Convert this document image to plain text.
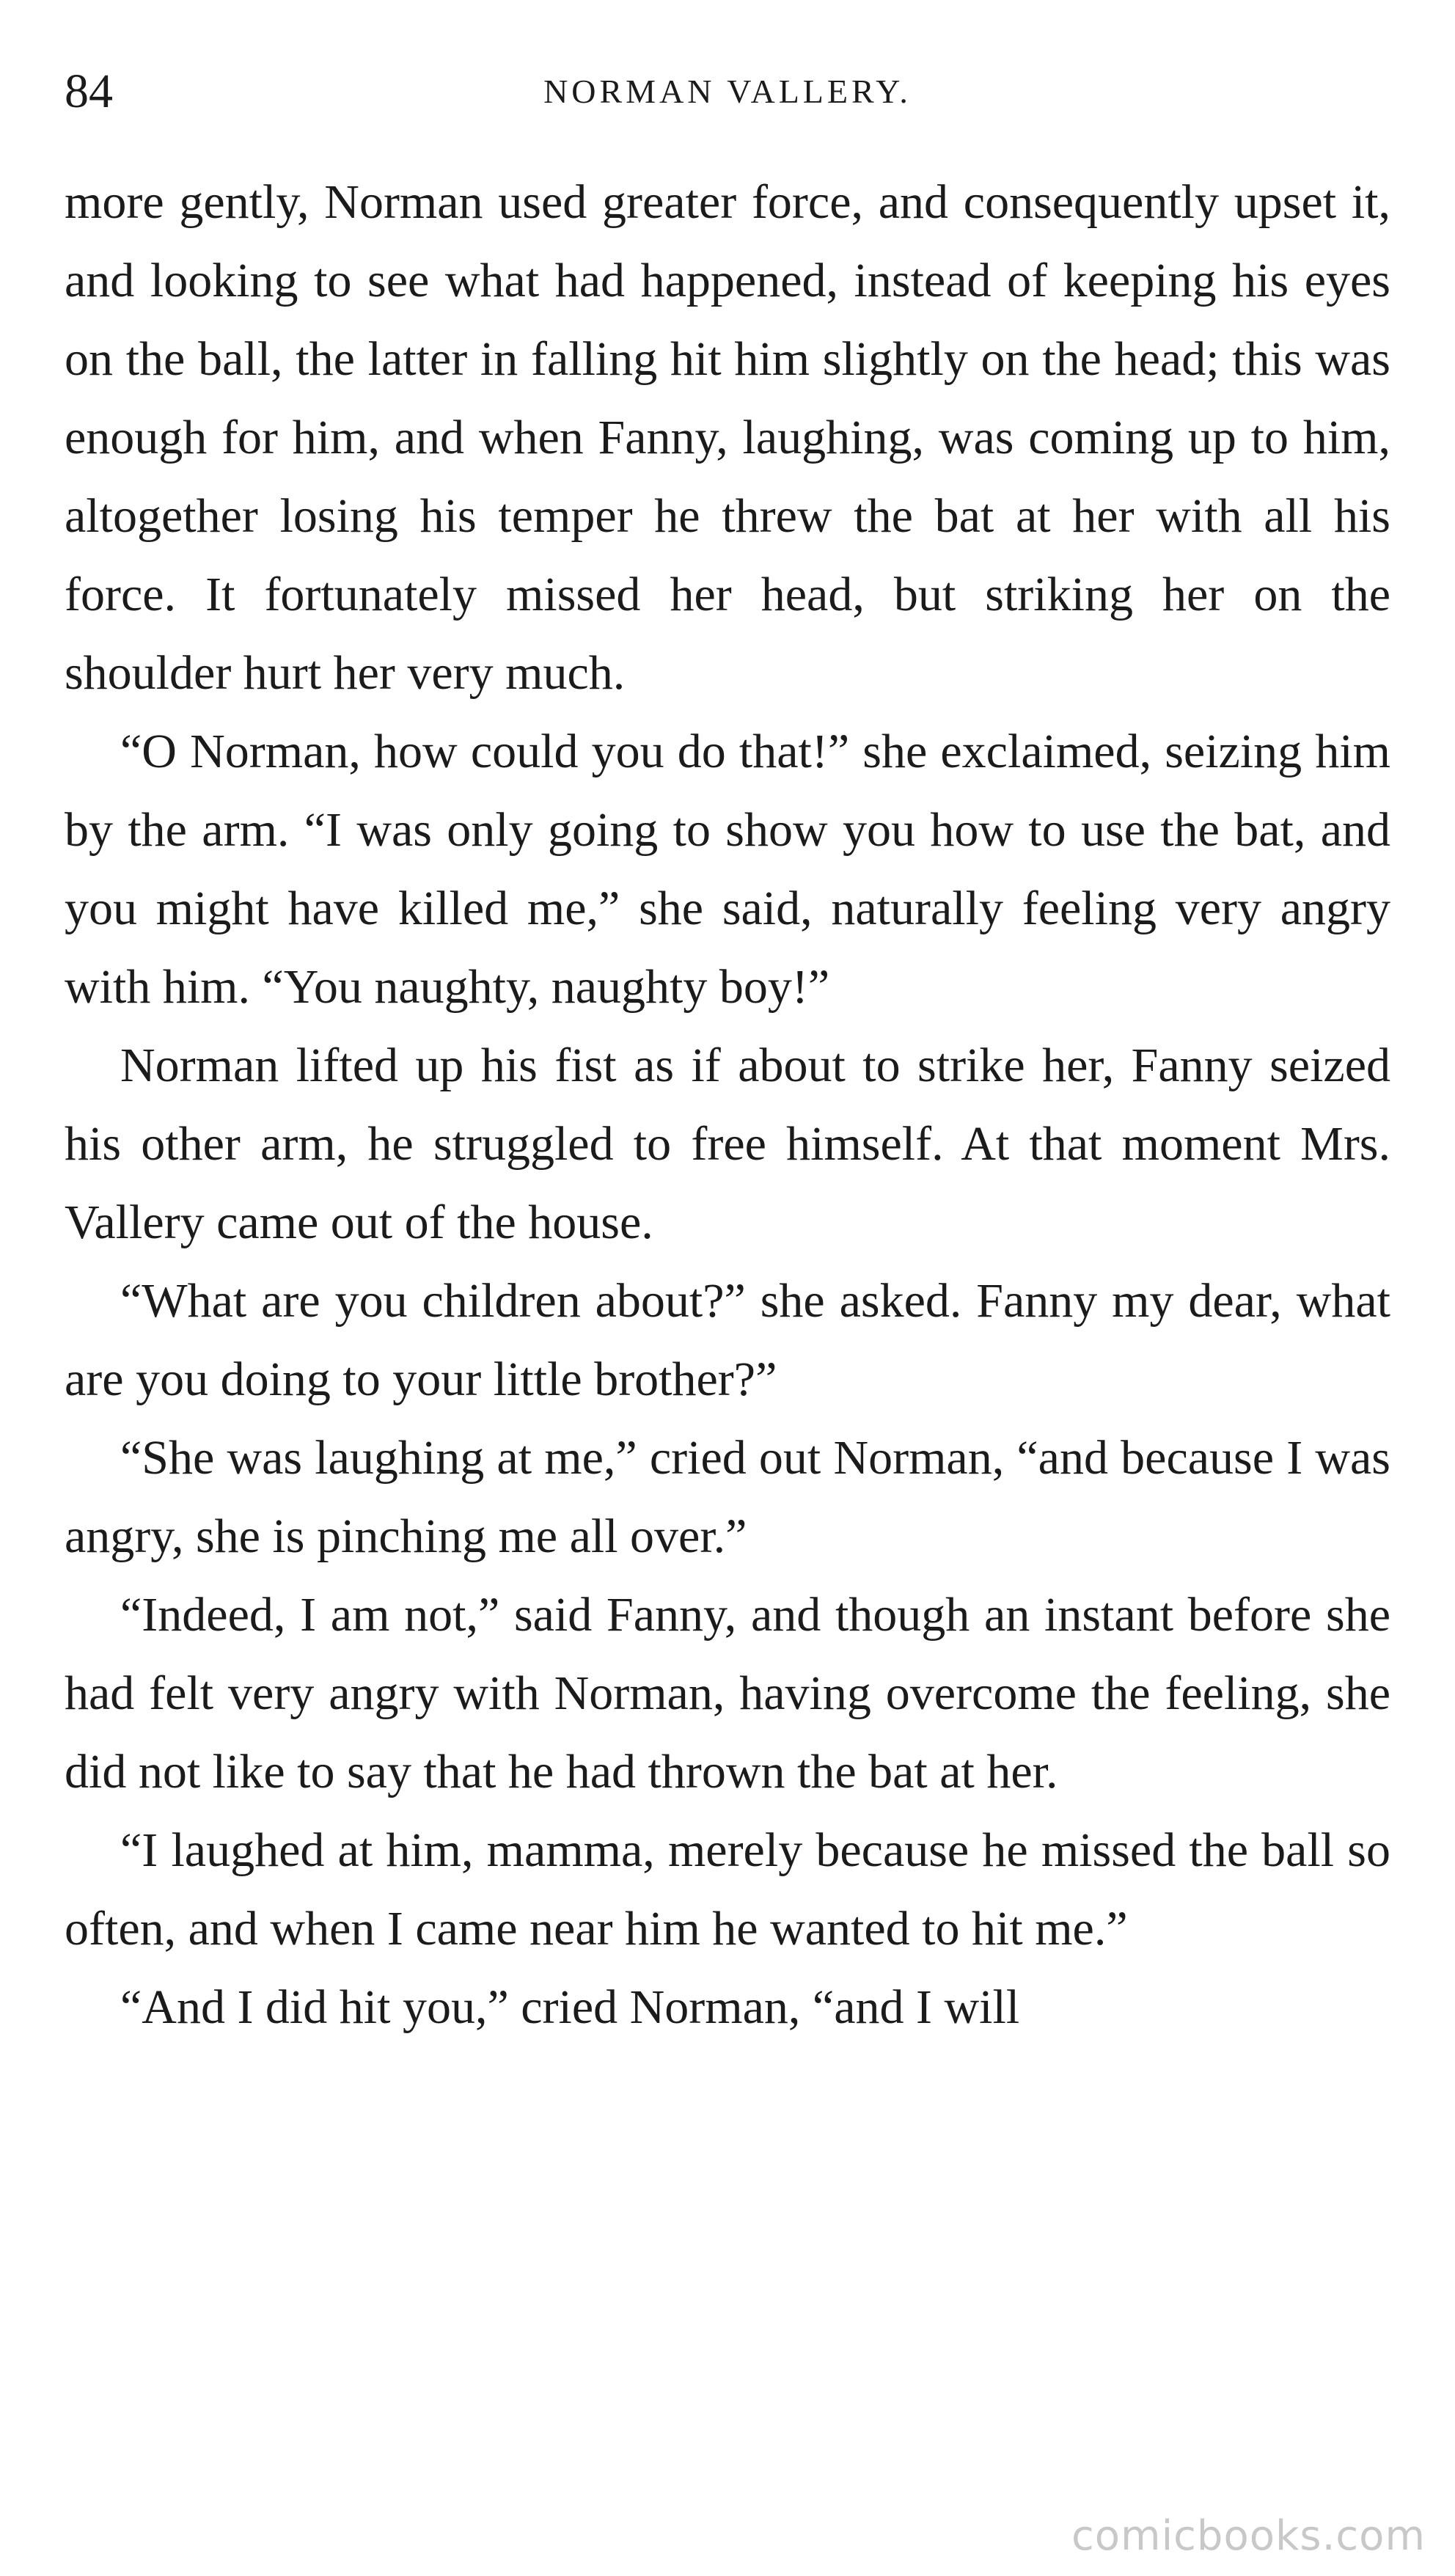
84	NORMAN VALLERY.

more gently, Norman used greater force, and consequently upset it, and looking to see what had happened, instead of keeping his eyes on the ball, the latter in falling hit him slightly on the head; this was enough for him, and when Fanny, laughing, was coming up to him, altogether losing his temper he threw the bat at her with all his force. It fortunately missed her head, but striking her on the shoulder hurt her very much.

“O Norman, how could you do that!” she exclaimed, seizing him by the arm. “I was only going to show you how to use the bat, and you might have killed me,” she said, naturally feeling very angry with him. “You naughty, naughty boy!”

Norman lifted up his fist as if about to strike her, Fanny seized his other arm, he struggled to free himself. At that moment Mrs. Vallery came out of the house.

“What are you children about?” she asked. Fanny my dear, what are you doing to your little brother?”

“She was laughing at me,” cried out Norman, “and because I was angry, she is pinching me all over.”

“Indeed, I am not,” said Fanny, and though an instant before she had felt very angry with Norman, having overcome the feeling, she did not like to say that he had thrown the bat at her.

“I laughed at him, mamma, merely because he missed the ball so often, and when I came near him he wanted to hit me.”

“And I did hit you,” cried Norman, “and I will

comicbooks.com
